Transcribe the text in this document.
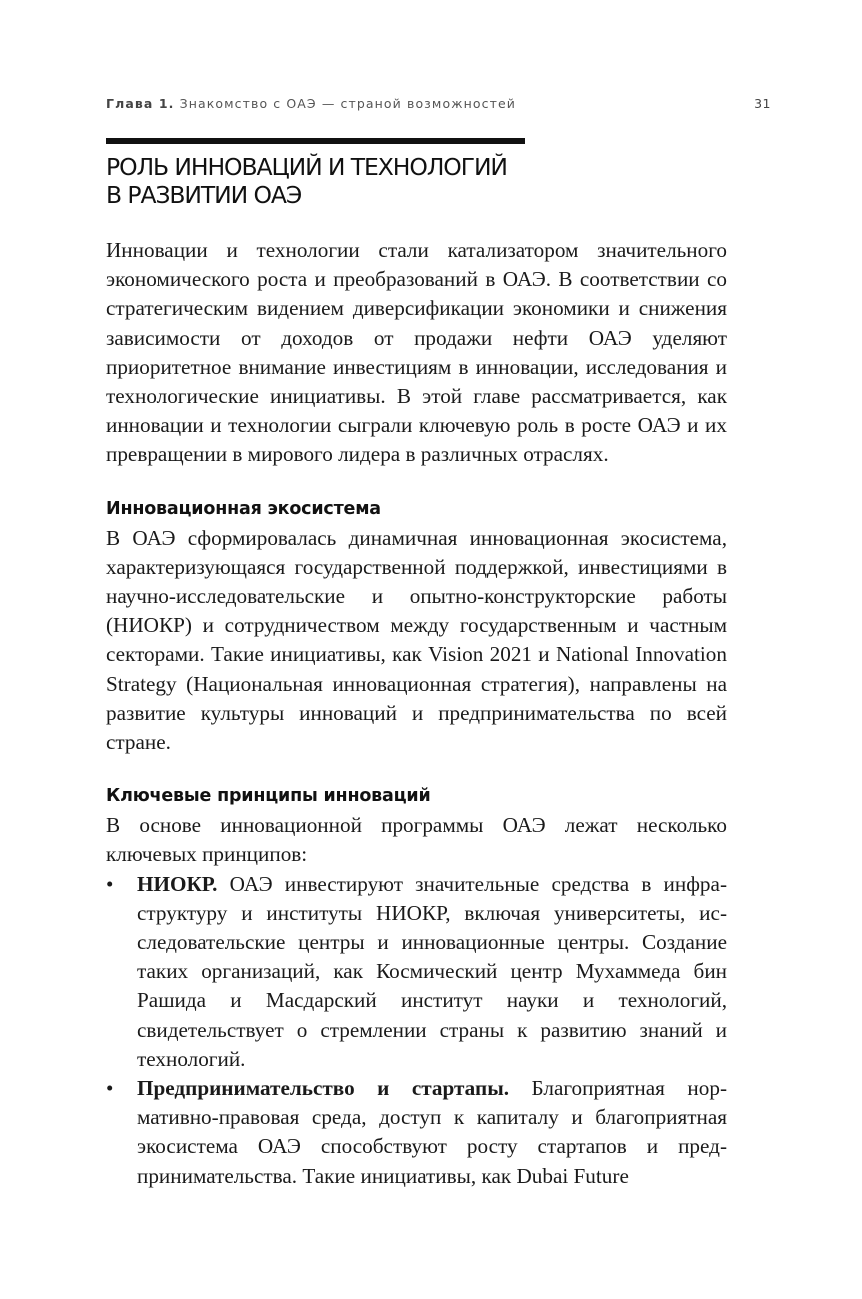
Глава 1. Знакомство с ОАЭ — страной возможностей	31
РОЛЬ ИННОВАЦИЙ И ТЕХНОЛОГИЙ
В РАЗВИТИИ ОАЭ

Инновации и технологии стали катализатором значительного экономического роста и преобразований в ОАЭ. В соответствии со стратегическим видением диверсификации экономики и снижения зависимости от доходов от продажи нефти ОАЭ уделяют приоритетное внимание инвестициям в инновации, исследования и технологические инициативы. В этой главе рассматривается, как инновации и технологии сыграли ключевую роль в росте ОАЭ и их превращении в мирового лидера в различных отраслях.

Инновационная экосистема

В ОАЭ сформировалась динамичная инновационная экосистема, характеризующаяся государственной поддержкой, инвестициями в научно-исследовательские и опытно-конструкторские работы (НИОКР) и сотрудничеством между государственным и частным секторами. Такие инициативы, как Vision 2021 и National Innovation Strategy (Национальная инновационная стратегия), направлены на развитие культуры инноваций и предпринимательства по всей стране.

Ключевые принципы инноваций

В основе инновационной программы ОАЭ лежат несколько ключевых принципов:

• НИОКР. ОАЭ инвестируют значительные средства в инфраструктуру и институты НИОКР, включая университеты, исследовательские центры и инновационные центры. Создание таких организаций, как Космический центр Мухаммеда бин Рашида и Масдарский институт науки и технологий, свидетельствует о стремлении страны к развитию знаний и технологий.
• Предпринимательство и стартапы. Благоприятная нормативно-правовая среда, доступ к капиталу и благоприятная экосистема ОАЭ способствуют росту стартапов и предпринимательства. Такие инициативы, как Dubai Future
